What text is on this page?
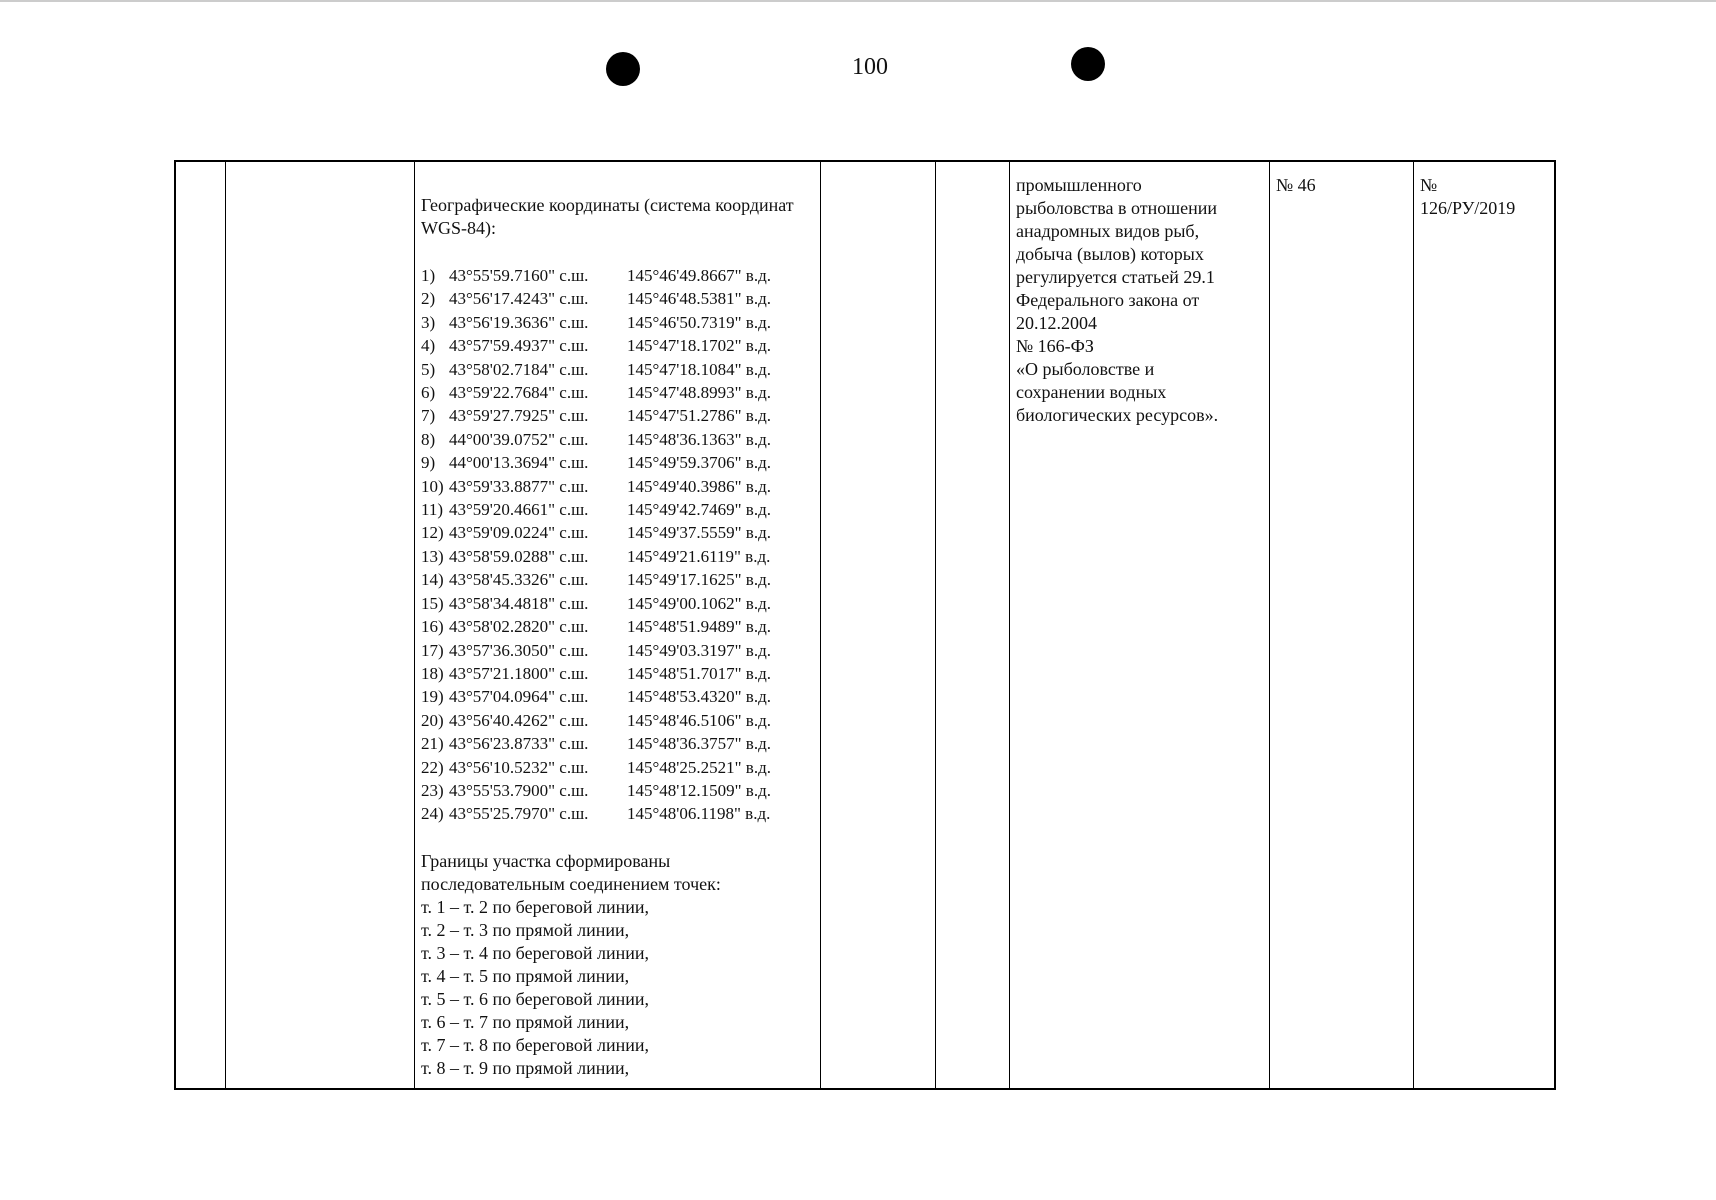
100
Географические координаты (система координат WGS-84):
1) 43°55'59.7160" с.ш.	145°46'49.8667" в.д.
2) 43°56'17.4243" с.ш.	145°46'48.5381" в.д.
3) 43°56'19.3636" с.ш.	145°46'50.7319" в.д.
4) 43°57'59.4937" с.ш.	145°47'18.1702" в.д.
5) 43°58'02.7184" с.ш.	145°47'18.1084" в.д.
6) 43°59'22.7684" с.ш.	145°47'48.8993" в.д.
7) 43°59'27.7925" с.ш.	145°47'51.2786" в.д.
8) 44°00'39.0752" с.ш.	145°48'36.1363" в.д.
9) 44°00'13.3694" с.ш.	145°49'59.3706" в.д.
10) 43°59'33.8877" с.ш.	145°49'40.3986" в.д.
11) 43°59'20.4661" с.ш.	145°49'42.7469" в.д.
12) 43°59'09.0224" с.ш.	145°49'37.5559" в.д.
13) 43°58'59.0288" с.ш.	145°49'21.6119" в.д.
14) 43°58'45.3326" с.ш.	145°49'17.1625" в.д.
15) 43°58'34.4818" с.ш.	145°49'00.1062" в.д.
16) 43°58'02.2820" с.ш.	145°48'51.9489" в.д.
17) 43°57'36.3050" с.ш.	145°49'03.3197" в.д.
18) 43°57'21.1800" с.ш.	145°48'51.7017" в.д.
19) 43°57'04.0964" с.ш.	145°48'53.4320" в.д.
20) 43°56'40.4262" с.ш.	145°48'46.5106" в.д.
21) 43°56'23.8733" с.ш.	145°48'36.3757" в.д.
22) 43°56'10.5232" с.ш.	145°48'25.2521" в.д.
23) 43°55'53.7900" с.ш.	145°48'12.1509" в.д.
24) 43°55'25.7970" с.ш.	145°48'06.1198" в.д.
Границы участка сформированы
последовательным соединением точек:
т. 1 – т. 2 по береговой линии,
т. 2 – т. 3 по прямой линии,
т. 3 – т. 4 по береговой линии,
т. 4 – т. 5 по прямой линии,
т. 5 – т. 6 по береговой линии,
т. 6 – т. 7 по прямой линии,
т. 7 – т. 8 по береговой линии,
т. 8 – т. 9 по прямой линии,
промышленного
рыболовства в отношении
анадромных видов рыб,
добыча (вылов) которых
регулируется статьей 29.1
Федерального закона от
20.12.2004
№ 166-ФЗ
«О рыболовстве и
сохранении водных
биологических ресурсов».
№ 46	№
126/РУ/2019
